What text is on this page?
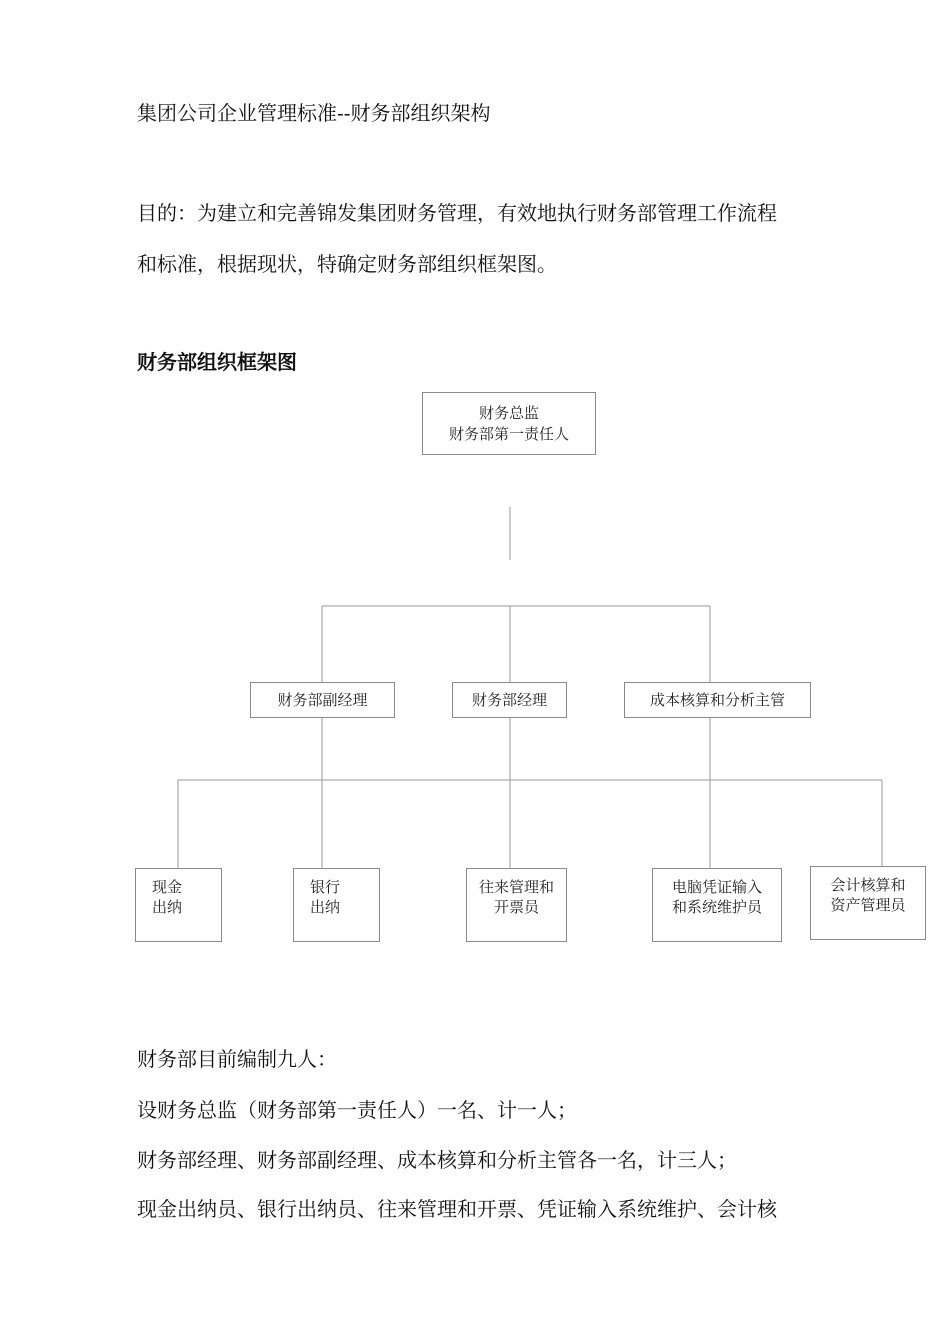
集团公司企业管理标准--财务部组织架构
目的：为建立和完善锦发集团财务管理，有效地执行财务部管理工作流程
和标准，根据现状，特确定财务部组织框架图。
财务部组织框架图
财务总监
财务部第一责任人
财务部副经理	财务部经理	成本核算和分析主管
现金
出纳
银行
出纳
往来管理和
开票员
电脑凭证输入
和系统维护员
会计核算和
资产管理员
财务部目前编制九人：
设财务总监（财务部第一责任人）一名、计一人；
财务部经理、财务部副经理、成本核算和分析主管各一名，计三人；
现金出纳员、银行出纳员、往来管理和开票、凭证输入系统维护、会计核
